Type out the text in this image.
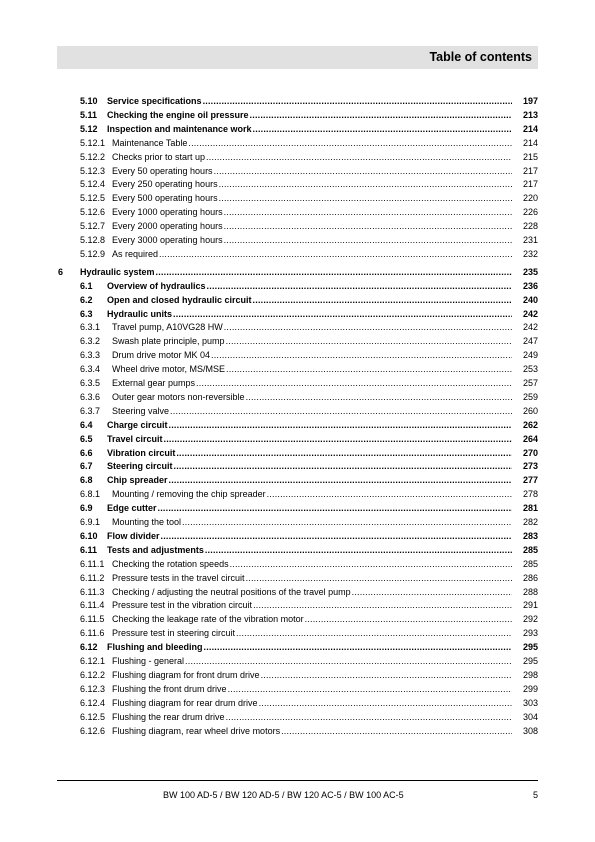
Table of contents
5.10 Service specifications .....	197
5.11 Checking the engine oil pressure .....	213
5.12 Inspection and maintenance work .....	214
5.12.1 Maintenance Table .....	214
5.12.2 Checks prior to start up .....	215
5.12.3 Every 50 operating hours .....	217
5.12.4 Every 250 operating hours .....	217
5.12.5 Every 500 operating hours .....	220
5.12.6 Every 1000 operating hours .....	226
5.12.7 Every 2000 operating hours .....	228
5.12.8 Every 3000 operating hours .....	231
5.12.9 As required .....	232
6 Hydraulic system .....	235
6.1 Overview of hydraulics .....	236
6.2 Open and closed hydraulic circuit .....	240
6.3 Hydraulic units .....	242
6.3.1 Travel pump, A10VG28 HW .....	242
6.3.2 Swash plate principle, pump .....	247
6.3.3 Drum drive motor MK 04 .....	249
6.3.4 Wheel drive motor, MS/MSE .....	253
6.3.5 External gear pumps .....	257
6.3.6 Outer gear motors non-reversible .....	259
6.3.7 Steering valve .....	260
6.4 Charge circuit .....	262
6.5 Travel circuit .....	264
6.6 Vibration circuit .....	270
6.7 Steering circuit .....	273
6.8 Chip spreader .....	277
6.8.1 Mounting / removing the chip spreader .....	278
6.9 Edge cutter .....	281
6.9.1 Mounting the tool .....	282
6.10 Flow divider .....	283
6.11 Tests and adjustments .....	285
6.11.1 Checking the rotation speeds .....	285
6.11.2 Pressure tests in the travel circuit .....	286
6.11.3 Checking / adjusting the neutral positions of the travel pump .....	288
6.11.4 Pressure test in the vibration circuit .....	291
6.11.5 Checking the leakage rate of the vibration motor .....	292
6.11.6 Pressure test in steering circuit .....	293
6.12 Flushing and bleeding .....	295
6.12.1 Flushing - general .....	295
6.12.2 Flushing diagram for front drum drive .....	298
6.12.3 Flushing the front drum drive .....	299
6.12.4 Flushing diagram for rear drum drive .....	303
6.12.5 Flushing the rear drum drive .....	304
6.12.6 Flushing diagram, rear wheel drive motors .....	308
BW 100 AD-5 / BW 120 AD-5 / BW 120 AC-5 / BW 100 AC-5	5
